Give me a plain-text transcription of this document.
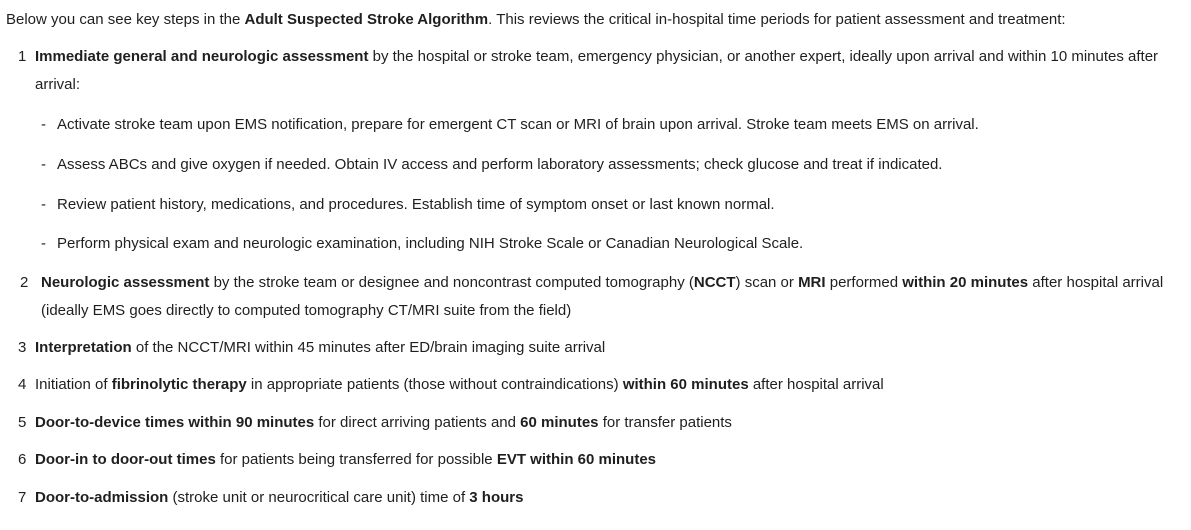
Below you can see key steps in the Adult Suspected Stroke Algorithm. This reviews the critical in-hospital time periods for patient assessment and treatment:
1 Immediate general and neurologic assessment by the hospital or stroke team, emergency physician, or another expert, ideally upon arrival and within 10 minutes after
arrival:
- Activate stroke team upon EMS notification, prepare for emergent CT scan or MRI of brain upon arrival. Stroke team meets EMS on arrival.
- Assess ABCs and give oxygen if needed. Obtain IV access and perform laboratory assessments; check glucose and treat if indicated.
- Review patient history, medications, and procedures. Establish time of symptom onset or last known normal.
- Perform physical exam and neurologic examination, including NIH Stroke Scale or Canadian Neurological Scale.
2 Neurologic assessment by the stroke team or designee and noncontrast computed tomography (NCCT) scan or MRI performed within 20 minutes after hospital arrival
(ideally EMS goes directly to computed tomography CT/MRI suite from the field)
3 Interpretation of the NCCT/MRI within 45 minutes after ED/brain imaging suite arrival
4 Initiation of fibrinolytic therapy in appropriate patients (those without contraindications) within 60 minutes after hospital arrival
5 Door-to-device times within 90 minutes for direct arriving patients and 60 minutes for transfer patients
6 Door-in to door-out times for patients being transferred for possible EVT within 60 minutes
7 Door-to-admission (stroke unit or neurocritical care unit) time of 3 hours
